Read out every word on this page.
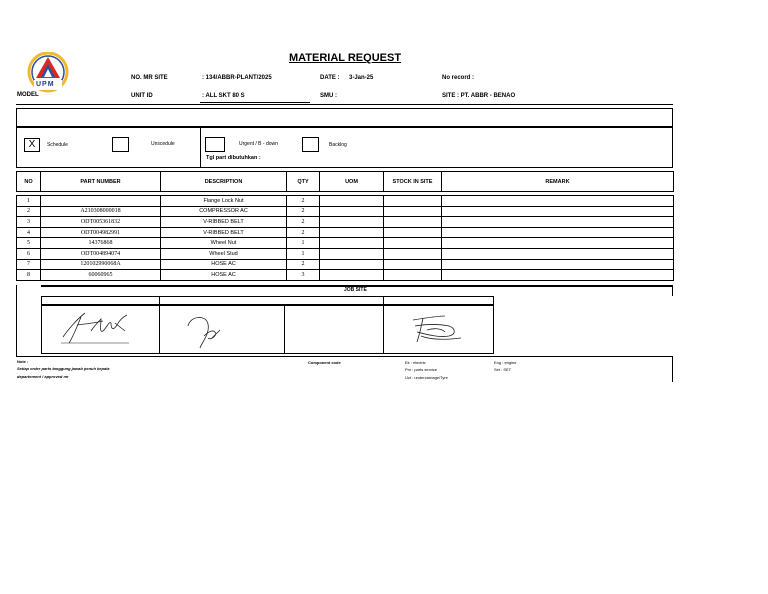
UPM
MATERIAL REQUEST
MODEL
NO. MR SITE	: 134/ABBR-PLANT/2025
UNIT ID	: ALL SKT 80 S
DATE : 3-Jan-25
SMU :
No record :
SITE : PT. ABBR - BENAO
X	Schedule	Unscedule	Urgent / B - down	Backlog
Tgl part dibutuhkan :
NO	PART NUMBER	DESCRIPTION	QTY	UOM	STOCK IN SITE	REMARK

1		Flange Lock Nut	2			
2	A210308000018	COMPRESSOR AC	2			
3	ODT005361832	V-RIBBED BELT	2			
4	ODT004982991	V-RIBBED BELT	2			
5	14376868	Wheel Nut	1			
6	ODT004894074	Wheel Stud	1			
7	120102990068A	HOSE AC	2			
8	60060965	HOSE AC	3			
JOB SITE
Note :
Setiap order parts tanggung jawab penuh kepala
departement / approved mr
Component code	Ek : electric
Pm : parts service
Uct : undercarriage/Tyre
Eng : engine
Set : SET
